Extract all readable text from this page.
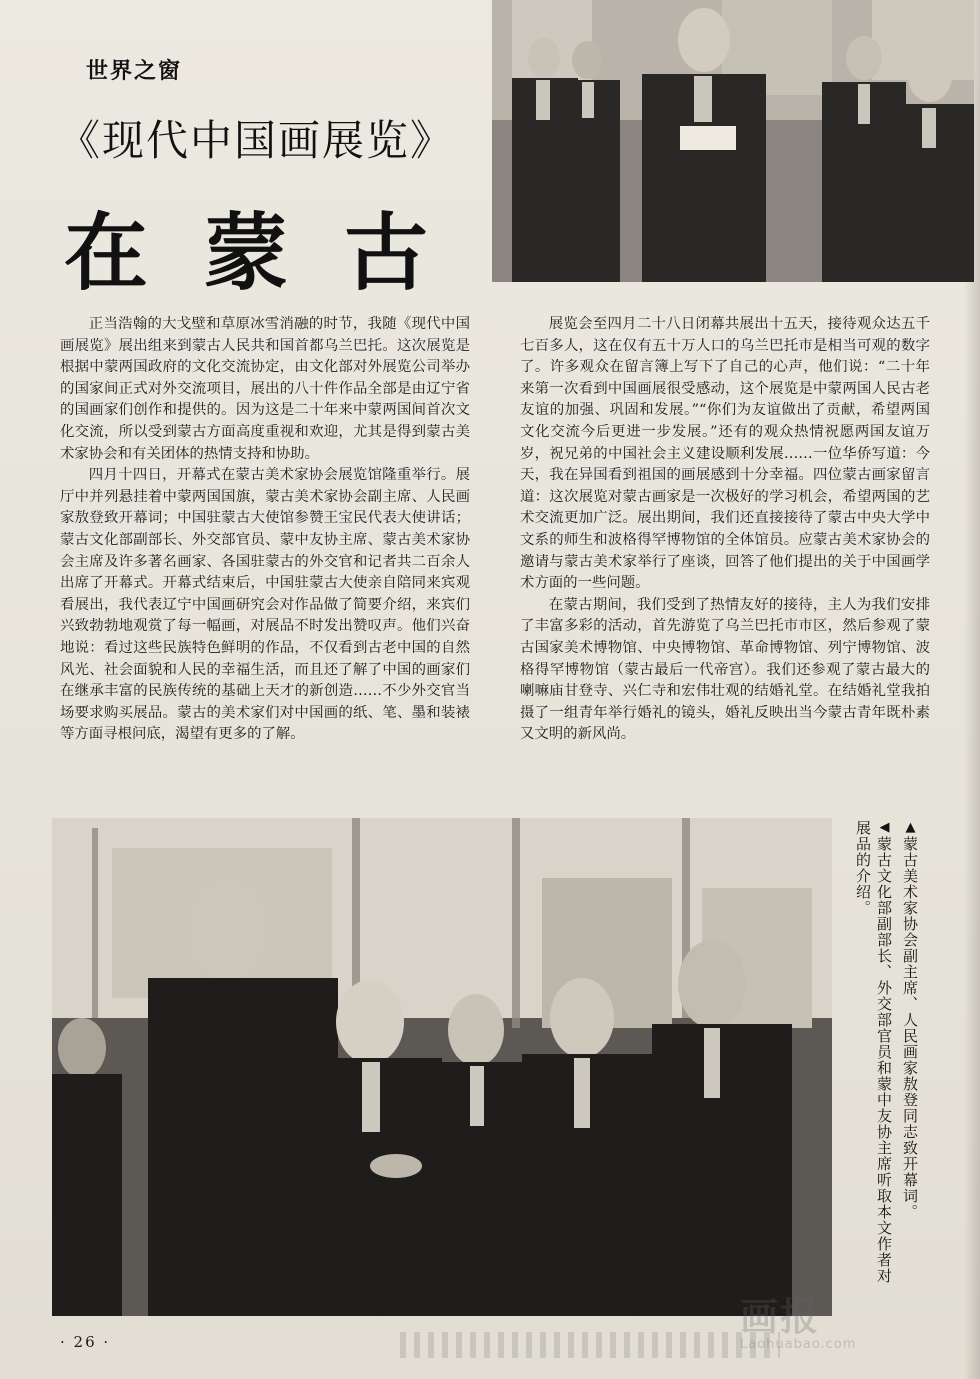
世界之窗
《现代中国画展览》
在蒙古

正当浩翰的大戈壁和草原冰雪消融的时节，我随《现代中国画展览》展出组来到蒙古人民共和国首都乌兰巴托。这次展览是根据中蒙两国政府的文化交流协定，由文化部对外展览公司举办的国家间正式对外交流项目，展出的八十件作品全部是由辽宁省的国画家们创作和提供的。因为这是二十年来中蒙两国间首次文化交流，所以受到蒙古方面高度重视和欢迎，尤其是得到蒙古美术家协会和有关团体的热情支持和协助。

四月十四日，开幕式在蒙古美术家协会展览馆隆重举行。展厅中并列悬挂着中蒙两国国旗，蒙古美术家协会副主席、人民画家敖登致开幕词；中国驻蒙古大使馆参赞王宝民代表大使讲话；蒙古文化部副部长、外交部官员、蒙中友协主席、蒙古美术家协会主席及许多著名画家、各国驻蒙古的外交官和记者共二百余人出席了开幕式。开幕式结束后，中国驻蒙古大使亲自陪同来宾观看展出，我代表辽宁中国画研究会对作品做了简要介绍，来宾们兴致勃勃地观赏了每一幅画，对展品不时发出赞叹声。他们兴奋地说：看过这些民族特色鲜明的作品，不仅看到古老中国的自然风光、社会面貌和人民的幸福生活，而且还了解了中国的画家们在继承丰富的民族传统的基础上天才的新创造……不少外交官当场要求购买展品。蒙古的美术家们对中国画的纸、笔、墨和装裱等方面寻根问底，渴望有更多的了解。

展览会至四月二十八日闭幕共展出十五天，接待观众达五千七百多人，这在仅有五十万人口的乌兰巴托市是相当可观的数字了。许多观众在留言簿上写下了自己的心声，他们说：“二十年来第一次看到中国画展很受感动，这个展览是中蒙两国人民古老友谊的加强、巩固和发展。”“你们为友谊做出了贡献，希望两国文化交流今后更进一步发展。”还有的观众热情祝愿两国友谊万岁，祝兄弟的中国社会主义建设顺利发展……一位华侨写道：今天，我在异国看到祖国的画展感到十分幸福。四位蒙古画家留言道：这次展览对蒙古画家是一次极好的学习机会，希望两国的艺术交流更加广泛。展出期间，我们还直接接待了蒙古中央大学中文系的师生和波格得罕博物馆的全体馆员。应蒙古美术家协会的邀请与蒙古美术家举行了座谈，回答了他们提出的关于中国画学术方面的一些问题。

在蒙古期间，我们受到了热情友好的接待，主人为我们安排了丰富多彩的活动，首先游览了乌兰巴托市市区，然后参观了蒙古国家美术博物馆、中央博物馆、革命博物馆、列宁博物馆、波格得罕博物馆（蒙古最后一代帝宫）。我们还参观了蒙古最大的喇嘛庙甘登寺、兴仁寺和宏伟壮观的结婚礼堂。在结婚礼堂我拍摄了一组青年举行婚礼的镜头，婚礼反映出当今蒙古青年既朴素又文明的新风尚。

▲蒙古美术家协会副主席、人民画家敖登同志致开幕词。
◀蒙古文化部副部长、外交部官员和蒙中友协主席听取本文作者对展品的介绍。
· 26 ·
画报
Laohuabao.com
